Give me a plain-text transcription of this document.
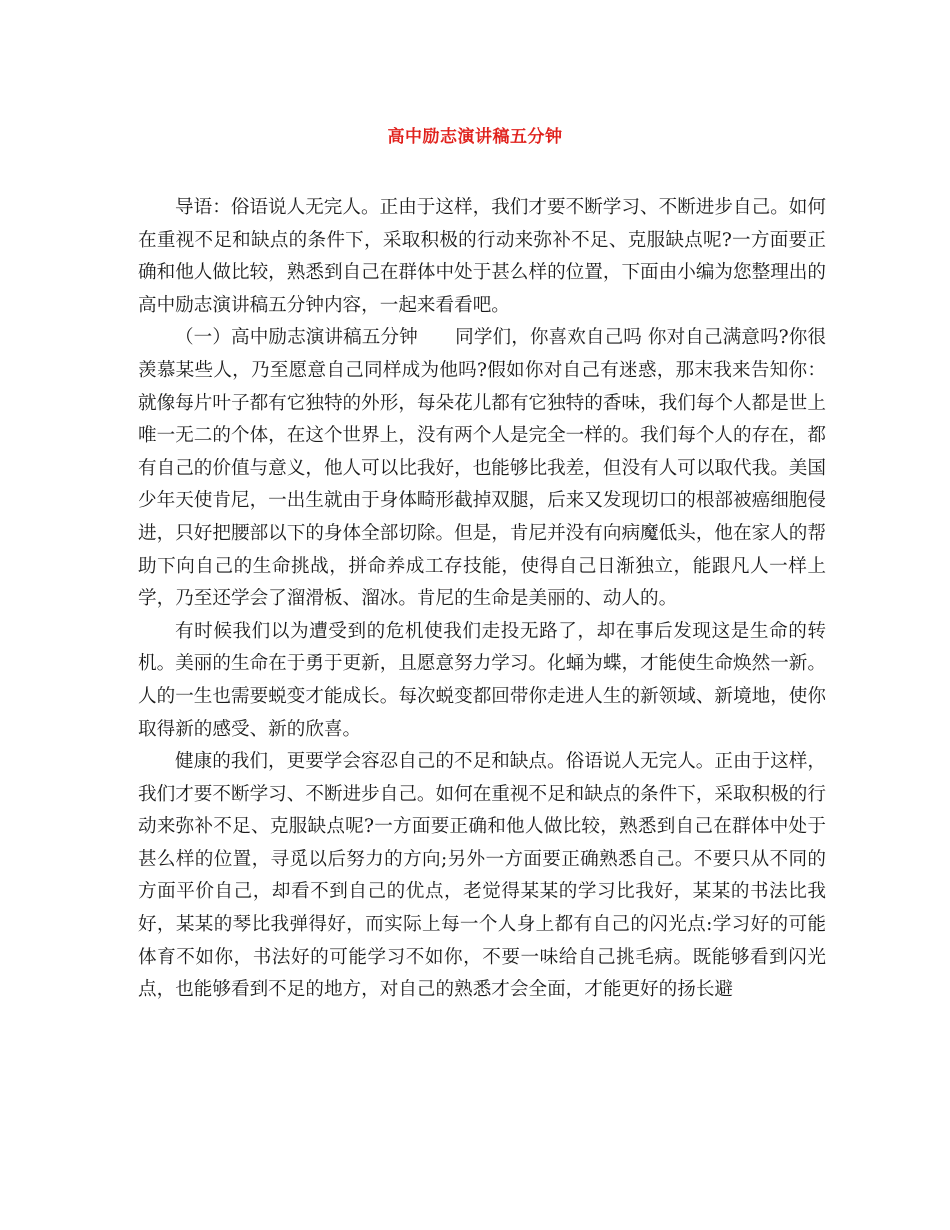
高中励志演讲稿五分钟

导语：俗语说人无完人。正由于这样，我们才要不断学习、不断进步自己。如何在重视不足和缺点的条件下，采取积极的行动来弥补不足、克服缺点呢?一方面要正确和他人做比较，熟悉到自己在群体中处于甚么样的位置，下面由小编为您整理出的高中励志演讲稿五分钟内容，一起来看看吧。

（一）高中励志演讲稿五分钟　　同学们，你喜欢自己吗 你对自己满意吗?你很羡慕某些人，乃至愿意自己同样成为他吗?假如你对自己有迷惑，那末我来告知你：就像每片叶子都有它独特的外形，每朵花儿都有它独特的香味，我们每个人都是世上唯一无二的个体，在这个世界上，没有两个人是完全一样的。我们每个人的存在，都有自己的价值与意义，他人可以比我好，也能够比我差，但没有人可以取代我。美国少年天使肯尼，一出生就由于身体畸形截掉双腿，后来又发现切口的根部被癌细胞侵进，只好把腰部以下的身体全部切除。但是，肯尼并没有向病魔低头，他在家人的帮助下向自己的生命挑战，拼命养成工存技能，使得自己日渐独立，能跟凡人一样上学，乃至还学会了溜滑板、溜冰。肯尼的生命是美丽的、动人的。

有时候我们以为遭受到的危机使我们走投无路了，却在事后发现这是生命的转机。美丽的生命在于勇于更新，且愿意努力学习。化蛹为蝶，才能使生命焕然一新。人的一生也需要蜕变才能成长。每次蜕变都回带你走进人生的新领域、新境地，使你取得新的感受、新的欣喜。

健康的我们，更要学会容忍自己的不足和缺点。俗语说人无完人。正由于这样，我们才要不断学习、不断进步自己。如何在重视不足和缺点的条件下，采取积极的行动来弥补不足、克服缺点呢?一方面要正确和他人做比较，熟悉到自己在群体中处于甚么样的位置，寻觅以后努力的方向;另外一方面要正确熟悉自己。不要只从不同的方面平价自己，却看不到自己的优点，老觉得某某的学习比我好，某某的书法比我好，某某的琴比我弹得好，而实际上每一个人身上都有自己的闪光点:学习好的可能体育不如你，书法好的可能学习不如你，不要一味给自己挑毛病。既能够看到闪光点，也能够看到不足的地方，对自己的熟悉才会全面，才能更好的扬长避
